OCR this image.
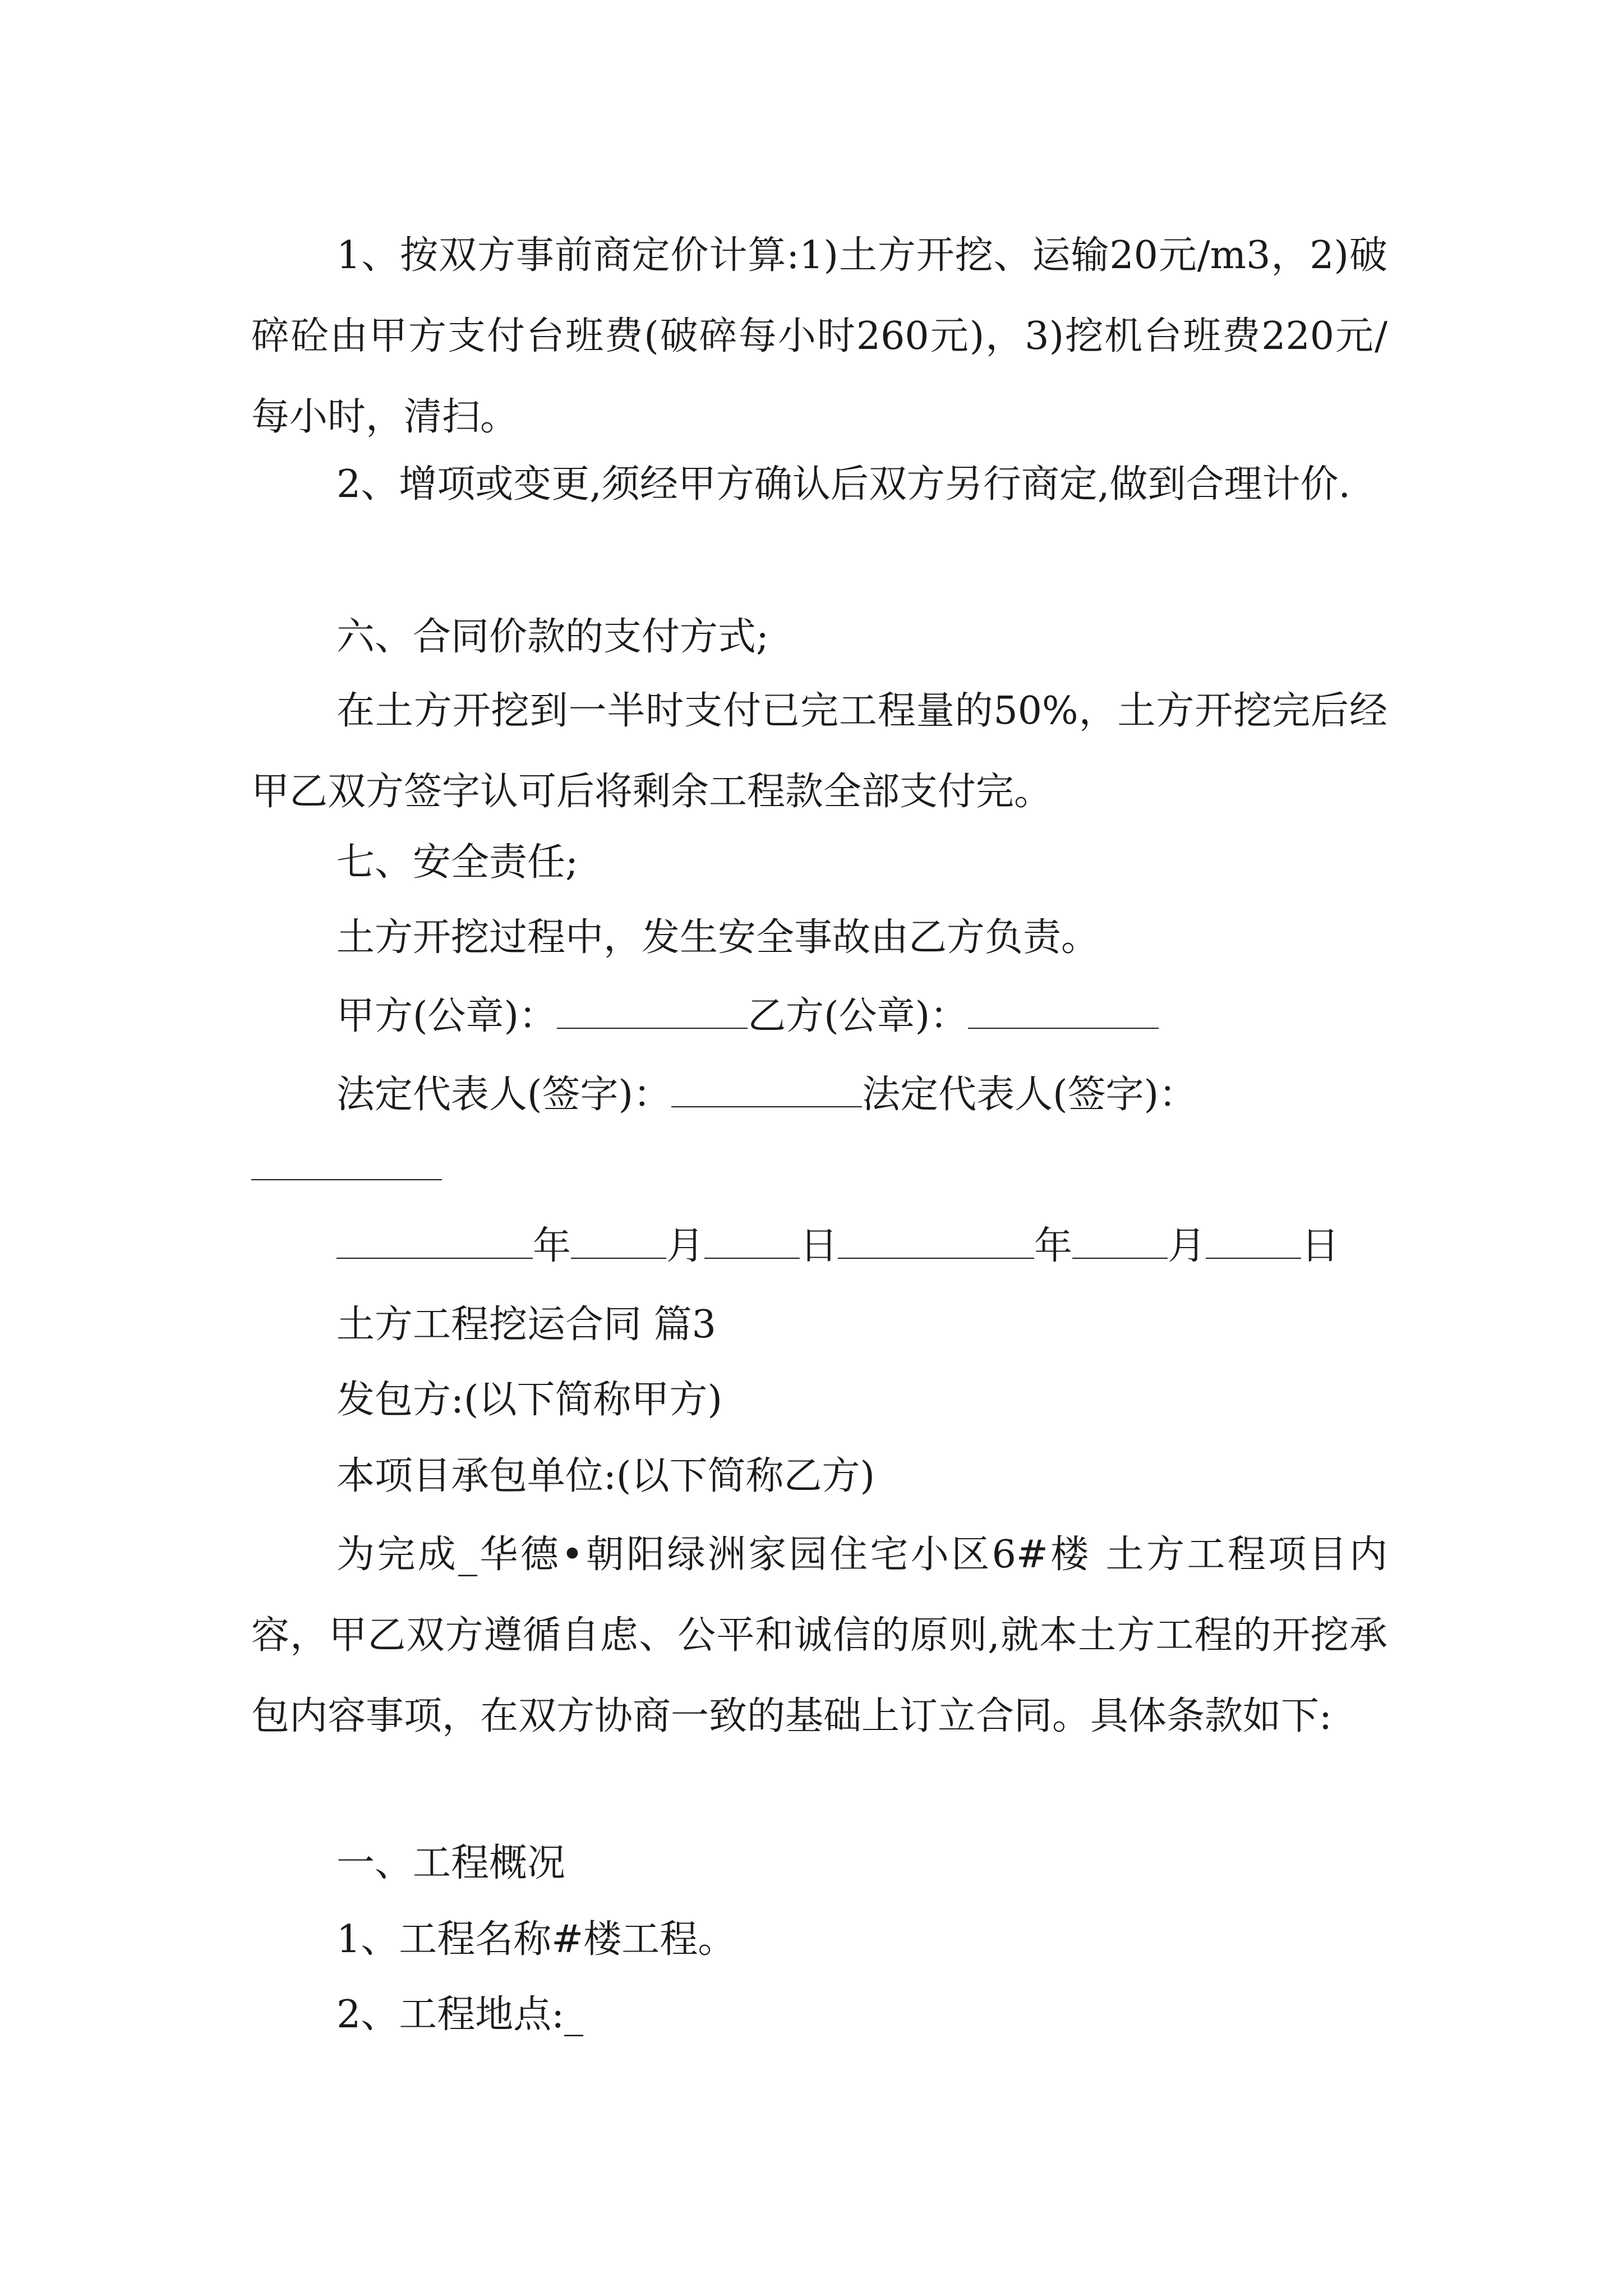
1、按双方事前商定价计算:1)土方开挖、运输20元/m3，2)破碎砼由甲方支付台班费(破碎每小时260元)，3)挖机台班费220元/每小时，清扫。

2、增项或变更,须经甲方确认后双方另行商定,做到合理计价.

六、合同价款的支付方式;

在土方开挖到一半时支付已完工程量的50%，土方开挖完后经甲乙双方签字认可后将剩余工程款全部支付完。

七、安全责任;

土方开挖过程中，发生安全事故由乙方负责。

甲方(公章)：	乙方(公章)：
法定代表人(签字)：	法定代表人(签字)：
年	月	日	年	月	日

土方工程挖运合同 篇3

发包方:(以下简称甲方)

本项目承包单位:(以下简称乙方)

为完成_华德•朝阳绿洲家园住宅小区6#楼 土方工程项目内容，甲乙双方遵循自虑、公平和诚信的原则,就本土方工程的开挖承包内容事项，在双方协商一致的基础上订立合同。具体条款如下:

一、工程概况

1、工程名称#楼工程。

2、工程地点:_
